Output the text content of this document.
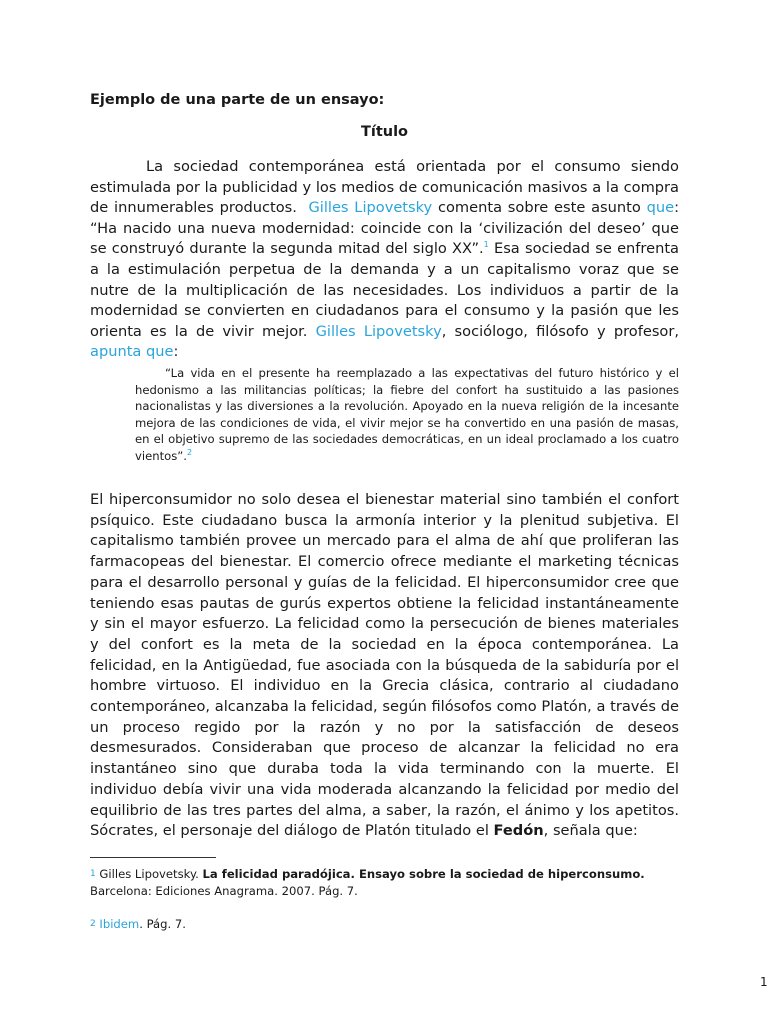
Ejemplo de una parte de un ensayo:
Título

La sociedad contemporánea está orientada por el consumo siendo estimulada por la publicidad y los medios de comunicación masivos a la compra de innumerables productos. Gilles Lipovetsky comenta sobre este asunto que: “Ha nacido una nueva modernidad: coincide con la ‘civilización del deseo’ que se construyó durante la segunda mitad del siglo XX”.$^1$ Esa sociedad se enfrenta a la estimulación perpetua de la demanda y a un capitalismo voraz que se nutre de la multiplicación de las necesidades. Los individuos a partir de la modernidad se convierten en ciudadanos para el consumo y la pasión que les orienta es la de vivir mejor. Gilles Lipovetsky, sociólogo, filósofo y profesor, apunta que:

“La vida en el presente ha reemplazado a las expectativas del futuro histórico y el hedonismo a las militancias políticas; la fiebre del confort ha sustituido a las pasiones nacionalistas y las diversiones a la revolución. Apoyado en la nueva religión de la incesante mejora de las condiciones de vida, el vivir mejor se ha convertido en una pasión de masas, en el objetivo supremo de las sociedades democráticas, en un ideal proclamado a los cuatro vientos”.$^2$

El hiperconsumidor no solo desea el bienestar material sino también el confort psíquico. Este ciudadano busca la armonía interior y la plenitud subjetiva. El capitalismo también provee un mercado para el alma de ahí que proliferan las farmacopeas del bienestar. El comercio ofrece mediante el marketing técnicas para el desarrollo personal y guías de la felicidad. El hiperconsumidor cree que teniendo esas pautas de gurús expertos obtiene la felicidad instantáneamente y sin el mayor esfuerzo. La felicidad como la persecución de bienes materiales y del confort es la meta de la sociedad en la época contemporánea. La felicidad, en la Antigüedad, fue asociada con la búsqueda de la sabiduría por el hombre virtuoso. El individuo en la Grecia clásica, contrario al ciudadano contemporáneo, alcanzaba la felicidad, según filósofos como Platón, a través de un proceso regido por la razón y no por la satisfacción de deseos desmesurados. Consideraban que proceso de alcanzar la felicidad no era instantáneo sino que duraba toda la vida terminando con la muerte. El individuo debía vivir una vida moderada alcanzando la felicidad por medio del equilibrio de las tres partes del alma, a saber, la razón, el ánimo y los apetitos. Sócrates, el personaje del diálogo de Platón titulado el Fedón, señala que:

1 Gilles Lipovetsky. La felicidad paradójica. Ensayo sobre la sociedad de hiperconsumo. Barcelona: Ediciones Anagrama. 2007. Pág. 7.

2 Ibidem. Pág. 7.

1
